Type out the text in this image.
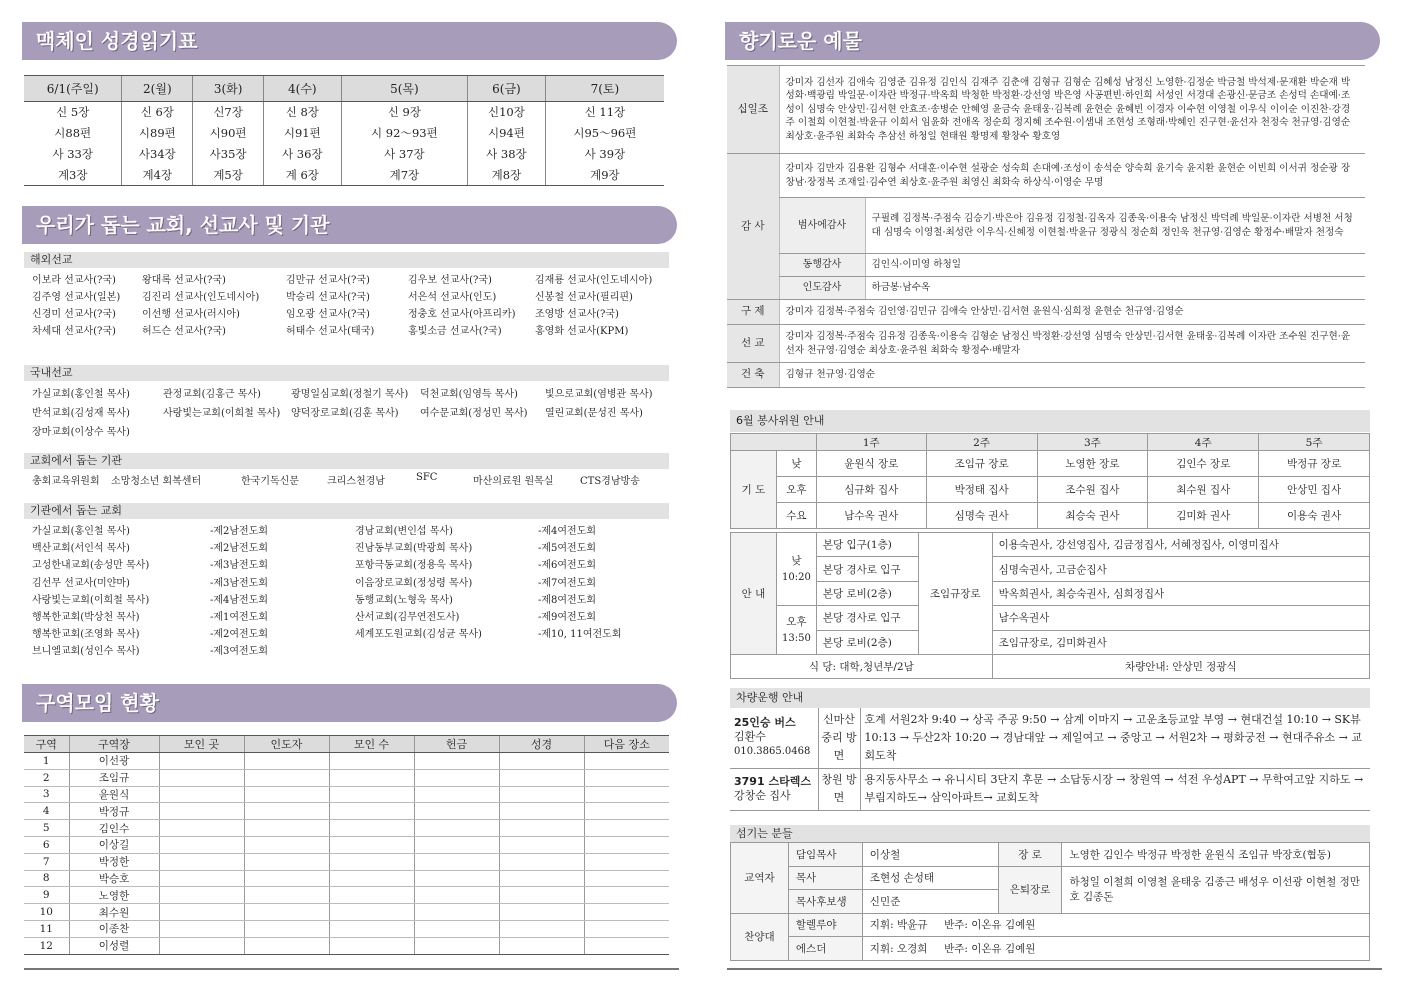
맥체인 성경읽기표
6/1(주일)	2(월)	3(화)	4(수)	5(목)	6(금)	7(토)
신 5장	신 6장	신7장	신 8장	신 9장	신10장	신 11장
시88편	시89편	시90편	시91편	시 92～93편	시94편	시95～96편
사 33장	사34장	사35장	사 36장	사 37장	사 38장	사 39장
계3장	계4장	계5장	계 6장	계7장	계8장	계9장
우리가 돕는 교회, 선교사 및 기관
해외선교
이보라 선교사(?국)	왕대록 선교사(?국)	김만규 선교사(?국)	김우보 선교사(?국)	김재룡 선교사(인도네시아)
김주영 선교사(일본) 김진리 선교사(인도네시아)	박승리 선교사(?국)	서은석 선교사(인도)	신봉철 선교사(필리핀)
신경미 선교사(?국)	이선행 선교사(러시아)	임오광 선교사(?국)	정충호 선교사(아프리카) 조영방 선교사(?국)
차세대 선교사(?국)	허드슨 선교사(?국)	허태수 선교사(태국)	홍빛소금 선교사(?국)	홍영화 선교사(KPM)
국내선교
가실교회(홍인철 목사)	관정교회(김홍근 목사)	광명일심교회(정철기 목사) 덕천교회(임영득 목사)	빛으로교회(염병관 목사)
반석교회(김성재 목사)	사랑빛는교회(이희철 목사) 양덕장로교회(김훈 목사) 여수문교회(정성민 목사) 열린교회(문성진 목사)
장마교회(이상수 목사)
교회에서 돕는 기관
총회교육위원회 소망청소년 회복센터	한국기독신문	크리스천경남	SFC	마산의료원 원목실	CTS경남방송
기관에서 돕는 교회
가실교회(홍인철 목사)	-제2남전도회
백산교회(서인석 목사)	-제2남전도회
고성한내교회(송성만 목사)	-제3남전도회
김선무 선교사(미얀마)	-제3남전도회
사랑빛는교회(이희철 목사)	-제4남전도회
행복한교회(박상천 목사)	-제1여전도회
행복한교회(조영화 목사)	-제2여전도회
브니엘교회(성인수 목사)	-제3여전도회
경남교회(변인섭 목사)	-제4여전도회
진남동부교회(박광희 목사)	-제5여전도회
포항극동교회(정용욱 목사)	-제6여전도회
이음장로교회(정성령 목사)	-제7여전도회
동행교회(노형욱 목사)	-제8여전도회
산서교회(김무연전도사)	-제9여전도회
세계포도원교회(김성균 목사)	-제10, 11여전도회
구역모임 현황
구역	구역장	모인 곳	인도자	모인 수	헌금	성경	다음 장소
1	이선광						
2	조임규						
3	윤원식						
4	박정규						
5	김인수						
6	이상길						
7	박정한						
8	박승호						
9	노영한						
10	최수원						
11	이종찬						
12	이성렬						
향기로운 예물
십일조	강미자 김선자 김애숙 김영준 김유정 김인식 김재주 김춘애 김형규 김형순 김혜성 남정신 노영한·김정순 박금철 박석제·문재환 박순재 박성화·백광림 박일문·이자란 박정규·박옥희 박청한 박정환·강선영 박은영 사공편빈·하인희 서성인 서경대 손광신·문금조 손성덕 손대예·조성이 심명숙 안상민·김서현 안효조·송병순 안혜영 윤금숙 윤태웅·김복례 윤현순 윤혜빈 이경자 이수현 이영철 이우식 이이순 이진찬·강경주 이철희 이현철·박윤규 이희서 임윤화 전애옥 정순희 정지혜 조수원·이샘내 조현성 조형래·박혜인 진구현·윤선자 천정숙 천규영·김영순 최상호·윤주원 최화숙 추삼선 하청일 현태원 황명제 황창수 황호영	
감 사	강미자 김만자 김용환 김형수 서대훈·이수현 설광순 성숙희 손대예·조성이 송석순 양숙희 윤기숙 윤지환 윤현순 이빈희 이서귀 정순광 장창남·장정복 조재일·김수연 최상호·윤주원 최영신 최화숙 하상식·이영순 무명	
	범사에감사	구필례 김정복·주점숙 김승기·박은아 김유정 김정철·김옥자 김종욱·이용숙 남정신 박덕례 박일문·이자란 서병천 서청대 심명숙 이영철·최성란 이우식·신혜정 이현철·박윤규 정광식 정순희 정인욱 천규영·김영순 황정수·배말자 천정숙
	동행감사	김인식·이미영 하청일
	인도감사	하금봉·남수옥
구 제	강미자 김정복·주점숙 김인영·김민규 김애숙 안상민·김서현 윤원식·심희정 윤현순 천규영·김영순	
선 교	강미자 김정복·주점숙 김유정 김종욱·이용숙 김형순 남정신 박정환·강선영 심명숙 안상민·김서현 윤태웅·김복례 이자란 조수원 진구현·윤선자 천규영·김영순 최상호·윤주원 최화숙 황정수·배말자	
건 축	김형규 천규영·김영순	
6월 봉사위원 안내
		1주	2주	3주	4주	5주
기 도	낮	윤원식 장로	조임규 장로	노영한 장로	김인수 장로	박정규 장로
	오후	심규화 집사	박정태 집사	조수원 집사	최수원 집사	안상민 집사
	수요	남수옥 권사	심명숙 권사	최승숙 권사	김미화 권사	이용숙 권사
안 내	낮
10:20	본당 입구(1층)	조임규장로	이용숙권사, 강선영집사, 김금정집사, 서혜정집사, 이영미집사
		본당 경사로 입구		심명숙권사, 고금순집사
		본당 로비(2층)		박옥희권사, 최승숙권사, 심희정집사
	오후
13:50	본당 경사로 입구		남수옥권사
		본당 로비(2층)		조임규장로, 김미화권사
식 당: 대학,청년부/2남				차량안내: 안상민 정광식
차량운행 안내
25인승 버스
김환수
010.3865.0468	신마산 중리 방면	호계 서원2차 9:40 → 상곡 주공 9:50 → 삼계 이마지 → 고운초등교앞 부영 → 현대건설 10:10 → SK뷰 10:13 → 두산2차 10:20 → 경남대앞 → 제일여고 → 중앙고 → 서원2차 → 평화궁전 → 현대주유소 → 교회도착
3791 스타렉스
강창순 집사	창원 방면	용지동사무소 → 유니시티 3단지 후문 → 소답동시장 → 창원역 → 석전 우성APT → 무학여고앞 지하도 → 부림지하도→ 삼익아파트→ 교회도착
섬기는 분들
교역자	담임목사	이상철	장 로	노영한 김인수 박정규 박정한 윤원식 조임규 박장호(협동)
	목사	조현성 손성태	은퇴장로	하청일 이철희 이영철 윤태웅 김종근 배성우 이선광 이현철 정만호 김종돈
	목사후보생	신민준		
찬양대	할렐루야	지휘: 박윤규 반주: 이온유 김예원		
	에스더	지휘: 오경희 반주: 이온유 김예원		
